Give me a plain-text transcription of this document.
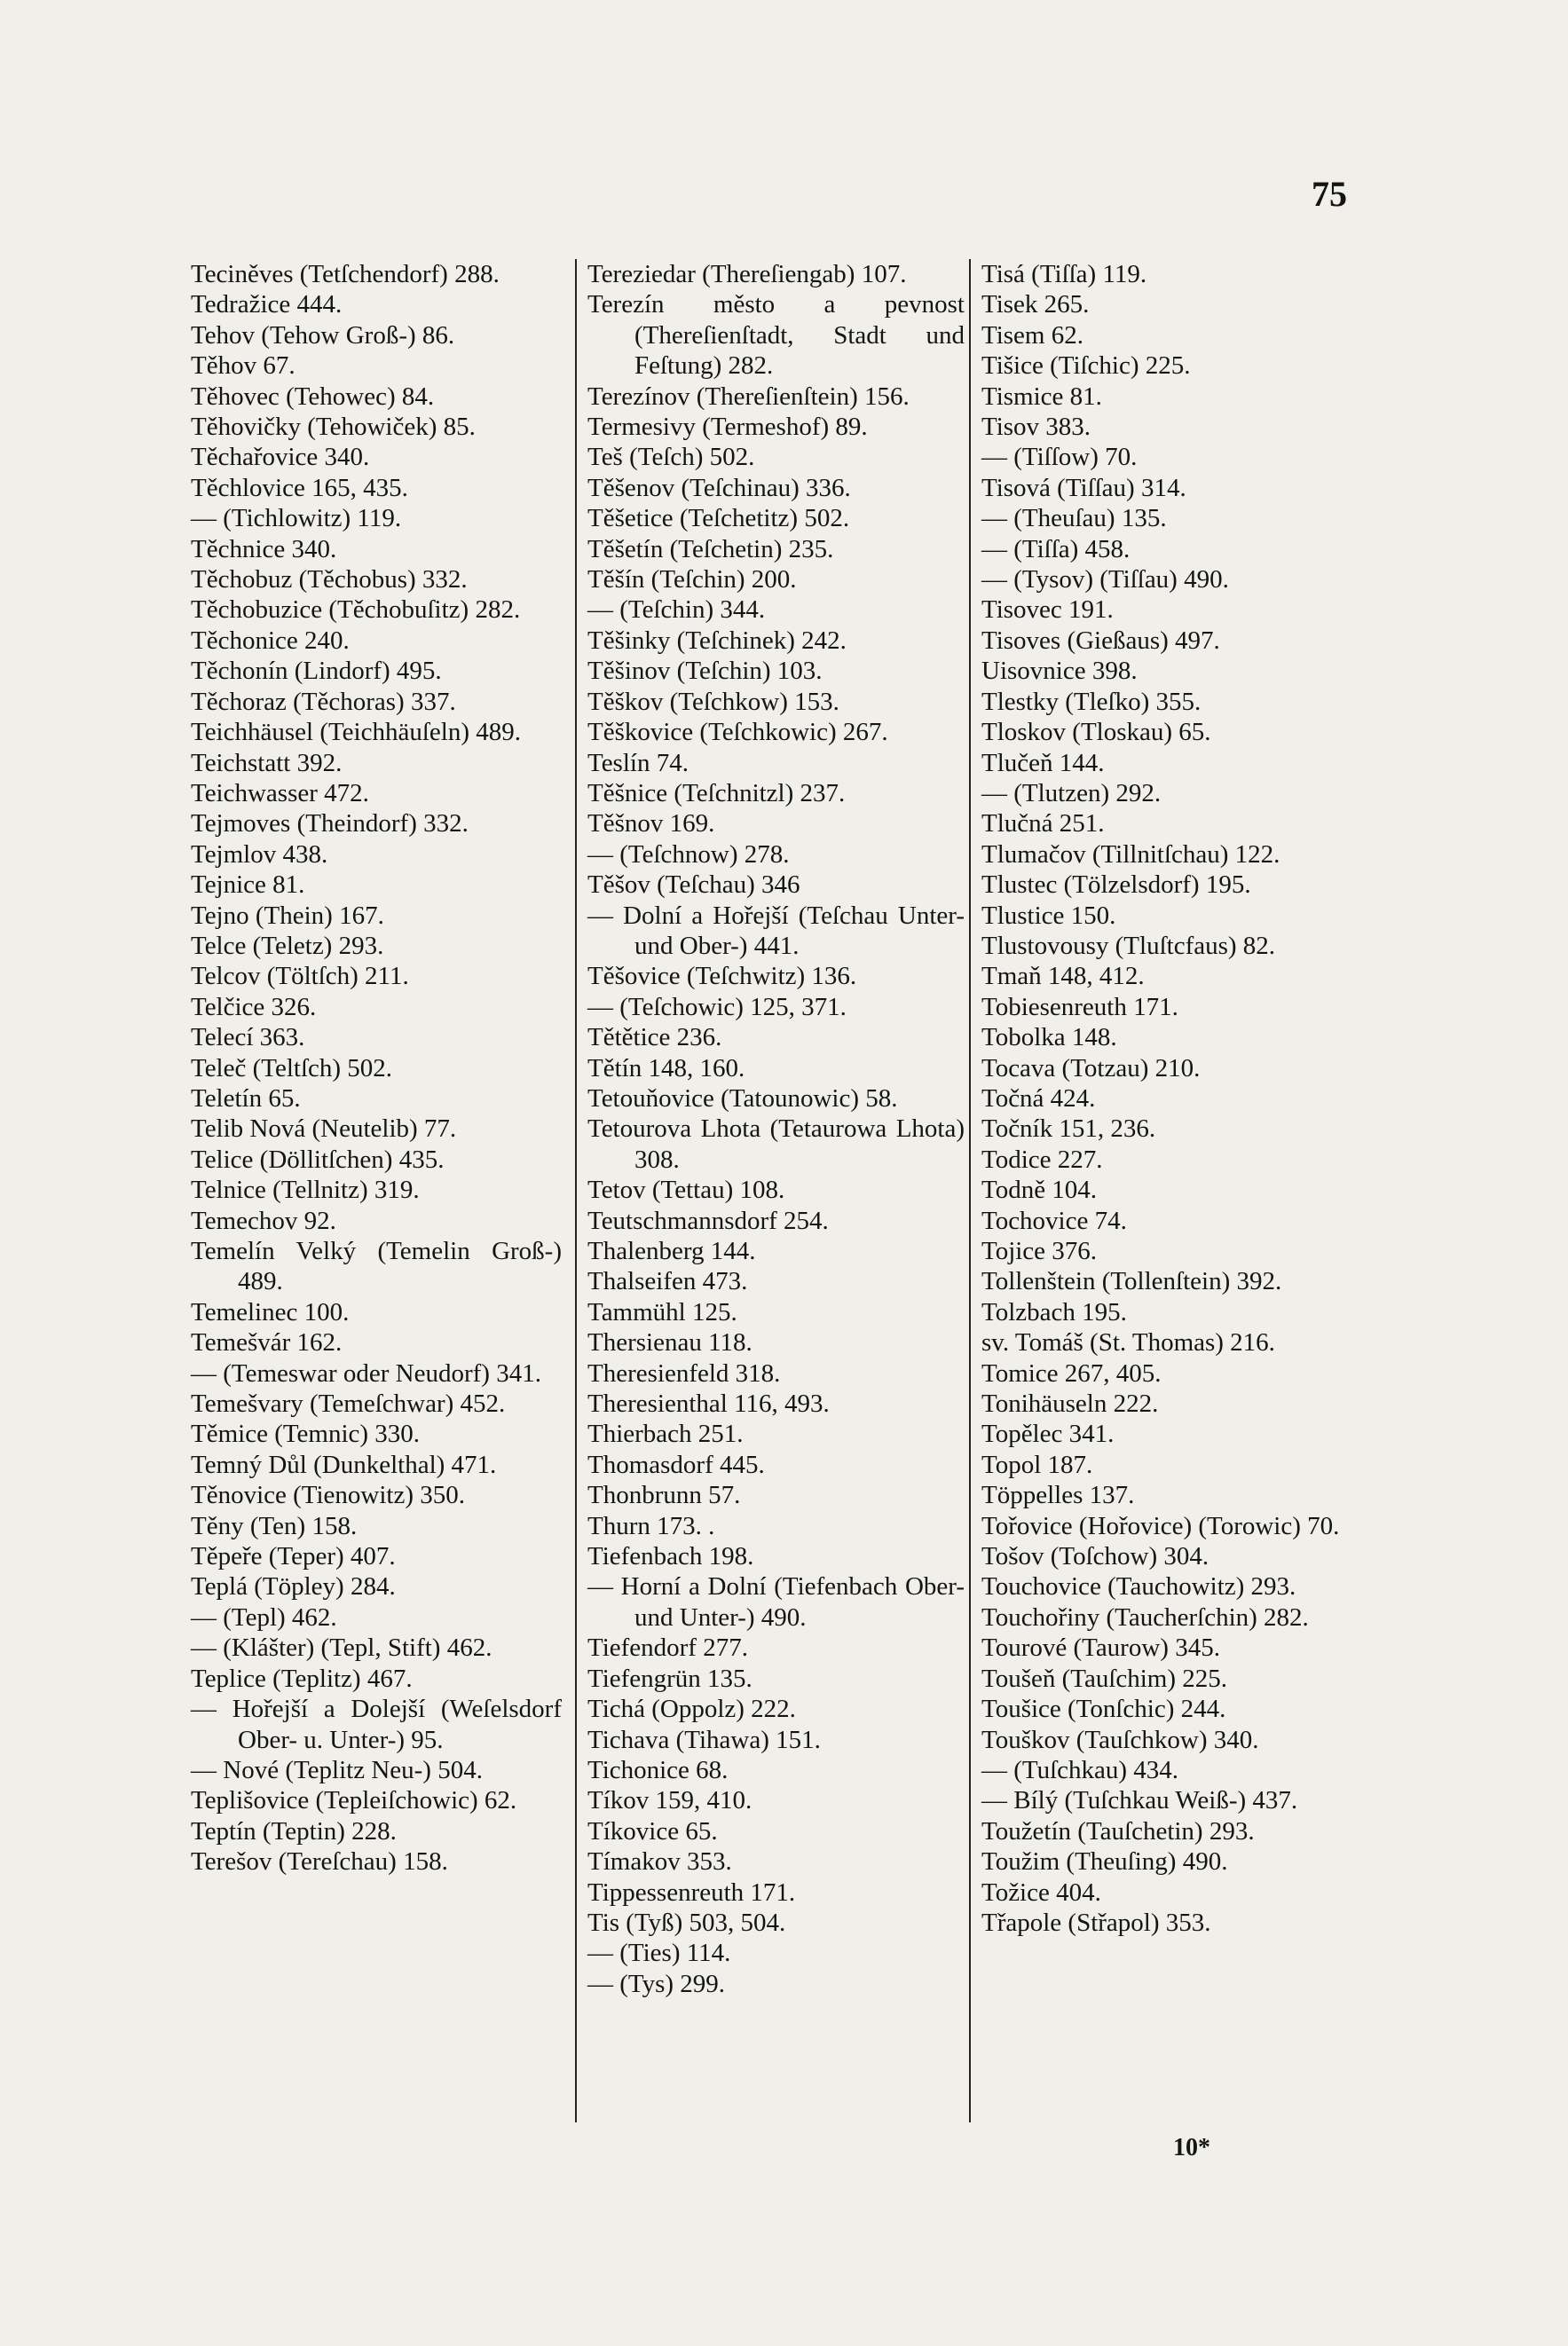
75

Teciněves (Tetſchendorf) 288.

Tedražice 444.

Tehov (Tehow Groß-) 86.

Těhov 67.

Těhovec (Tehowec) 84.

Těhovičky (Tehowiček) 85.

Těchařovice 340.

Těchlovice 165, 435.

— (Tichlowitz) 119.

Těchnice 340.

Těchobuz (Těchobus) 332.

Těchobuzice (Těchobuſitz) 282.

Těchonice 240.

Těchonín (Lindorf) 495.

Těchoraz (Těchoras) 337.

Teichhäusel (Teichhäuſeln) 489.

Teichstatt 392.

Teichwasser 472.

Tejmoves (Theindorf) 332.

Tejmlov 438.

Tejnice 81.

Tejno (Thein) 167.

Telce (Teletz) 293.

Telcov (Töltſch) 211.

Telčice 326.

Telecí 363.

Teleč (Teltſch) 502.

Teletín 65.

Telib Nová (Neutelib) 77.

Telice (Döllitſchen) 435.

Telnice (Tellnitz) 319.

Temechov 92.

Temelín Velký (Temelin Groß-) 489.

Temelinec 100.

Temešvár 162.

— (Temeswar oder Neudorf) 341.

Temešvary (Temeſchwar) 452.

Těmice (Temnic) 330.

Temný Důl (Dunkelthal) 471.

Těnovice (Tienowitz) 350.

Těny (Ten) 158.

Těpeře (Teper) 407.

Teplá (Töpley) 284.

— (Tepl) 462.

— (Klášter) (Tepl, Stift) 462.

Teplice (Teplitz) 467.

— Hořejší a Dolejší (Weſelsdorf Ober- u. Unter-) 95.

— Nové (Teplitz Neu-) 504.

Teplišovice (Tepleiſchowic) 62.

Teptín (Teptin) 228.

Terešov (Tereſchau) 158.

Tereziedar (Thereſiengab) 107.

Terezín město a pevnost (Thereſienſtadt, Stadt und Feſtung) 282.

Terezínov (Thereſienſtein) 156.

Termesivy (Termeshof) 89.

Teš (Teſch) 502.

Těšenov (Teſchinau) 336.

Těšetice (Teſchetitz) 502.

Těšetín (Teſchetin) 235.

Těšín (Teſchin) 200.

— (Teſchin) 344.

Těšinky (Teſchinek) 242.

Těšinov (Teſchin) 103.

Těškov (Teſchkow) 153.

Těškovice (Teſchkowic) 267.

Teslín 74.

Těšnice (Teſchnitzl) 237.

Těšnov 169.

— (Teſchnow) 278.

Těšov (Teſchau) 346

— Dolní a Hořejší (Teſchau Unter- und Ober-) 441.

Těšovice (Teſchwitz) 136.

— (Teſchowic) 125, 371.

Tětětice 236.

Tětín 148, 160.

Tetouňovice (Tatounowic) 58.

Tetourova Lhota (Tetaurowa Lhota) 308.

Tetov (Tettau) 108.

Teutschmannsdorf 254.

Thalenberg 144.

Thalseifen 473.

Tammühl 125.

Thersienau 118.

Theresienfeld 318.

Theresienthal 116, 493.

Thierbach 251.

Thomasdorf 445.

Thonbrunn 57.

Thurn 173. .

Tiefenbach 198.

— Horní a Dolní (Tiefenbach Ober- und Unter-) 490.

Tiefendorf 277.

Tiefengrün 135.

Tichá (Oppolz) 222.

Tichava (Tihawa) 151.

Tichonice 68.

Tíkov 159, 410.

Tíkovice 65.

Tímakov 353.

Tippessenreuth 171.

Tis (Tyß) 503, 504.

— (Ties) 114.

— (Tys) 299.

Tisá (Tiſſa) 119.

Tisek 265.

Tisem 62.

Tišice (Tiſchic) 225.

Tismice 81.

Tisov 383.

— (Tiſſow) 70.

Tisová (Tiſſau) 314.

— (Theuſau) 135.

— (Tiſſa) 458.

— (Tysov) (Tiſſau) 490.

Tisovec 191.

Tisoves (Gießaus) 497.

Uisovnice 398.

Tlestky (Tleſko) 355.

Tloskov (Tloskau) 65.

Tlučeň 144.

— (Tlutzen) 292.

Tlučná 251.

Tlumačov (Tillnitſchau) 122.

Tlustec (Tölzelsdorf) 195.

Tlustice 150.

Tlustovousy (Tluſtcfaus) 82.

Tmaň 148, 412.

Tobiesenreuth 171.

Tobolka 148.

Tocava (Totzau) 210.

Točná 424.

Točník 151, 236.

Todice 227.

Todně 104.

Tochovice 74.

Tojice 376.

Tollenštein (Tollenſtein) 392.

Tolzbach 195.

sv. Tomáš (St. Thomas) 216.

Tomice 267, 405.

Tonihäuseln 222.

Topělec 341.

Topol 187.

Töppelles 137.

Tořovice (Hořovice) (Torowic) 70.

Tošov (Toſchow) 304.

Touchovice (Tauchowitz) 293.

Touchořiny (Taucherſchin) 282.

Tourové (Taurow) 345.

Toušeň (Tauſchim) 225.

Toušice (Tonſchic) 244.

Touškov (Tauſchkow) 340.

— (Tuſchkau) 434.

— Bílý (Tuſchkau Weiß-) 437.

Toužetín (Tauſchetin) 293.

Toužim (Theuſing) 490.

Tožice 404.

Třapole (Střapol) 353.

10*
